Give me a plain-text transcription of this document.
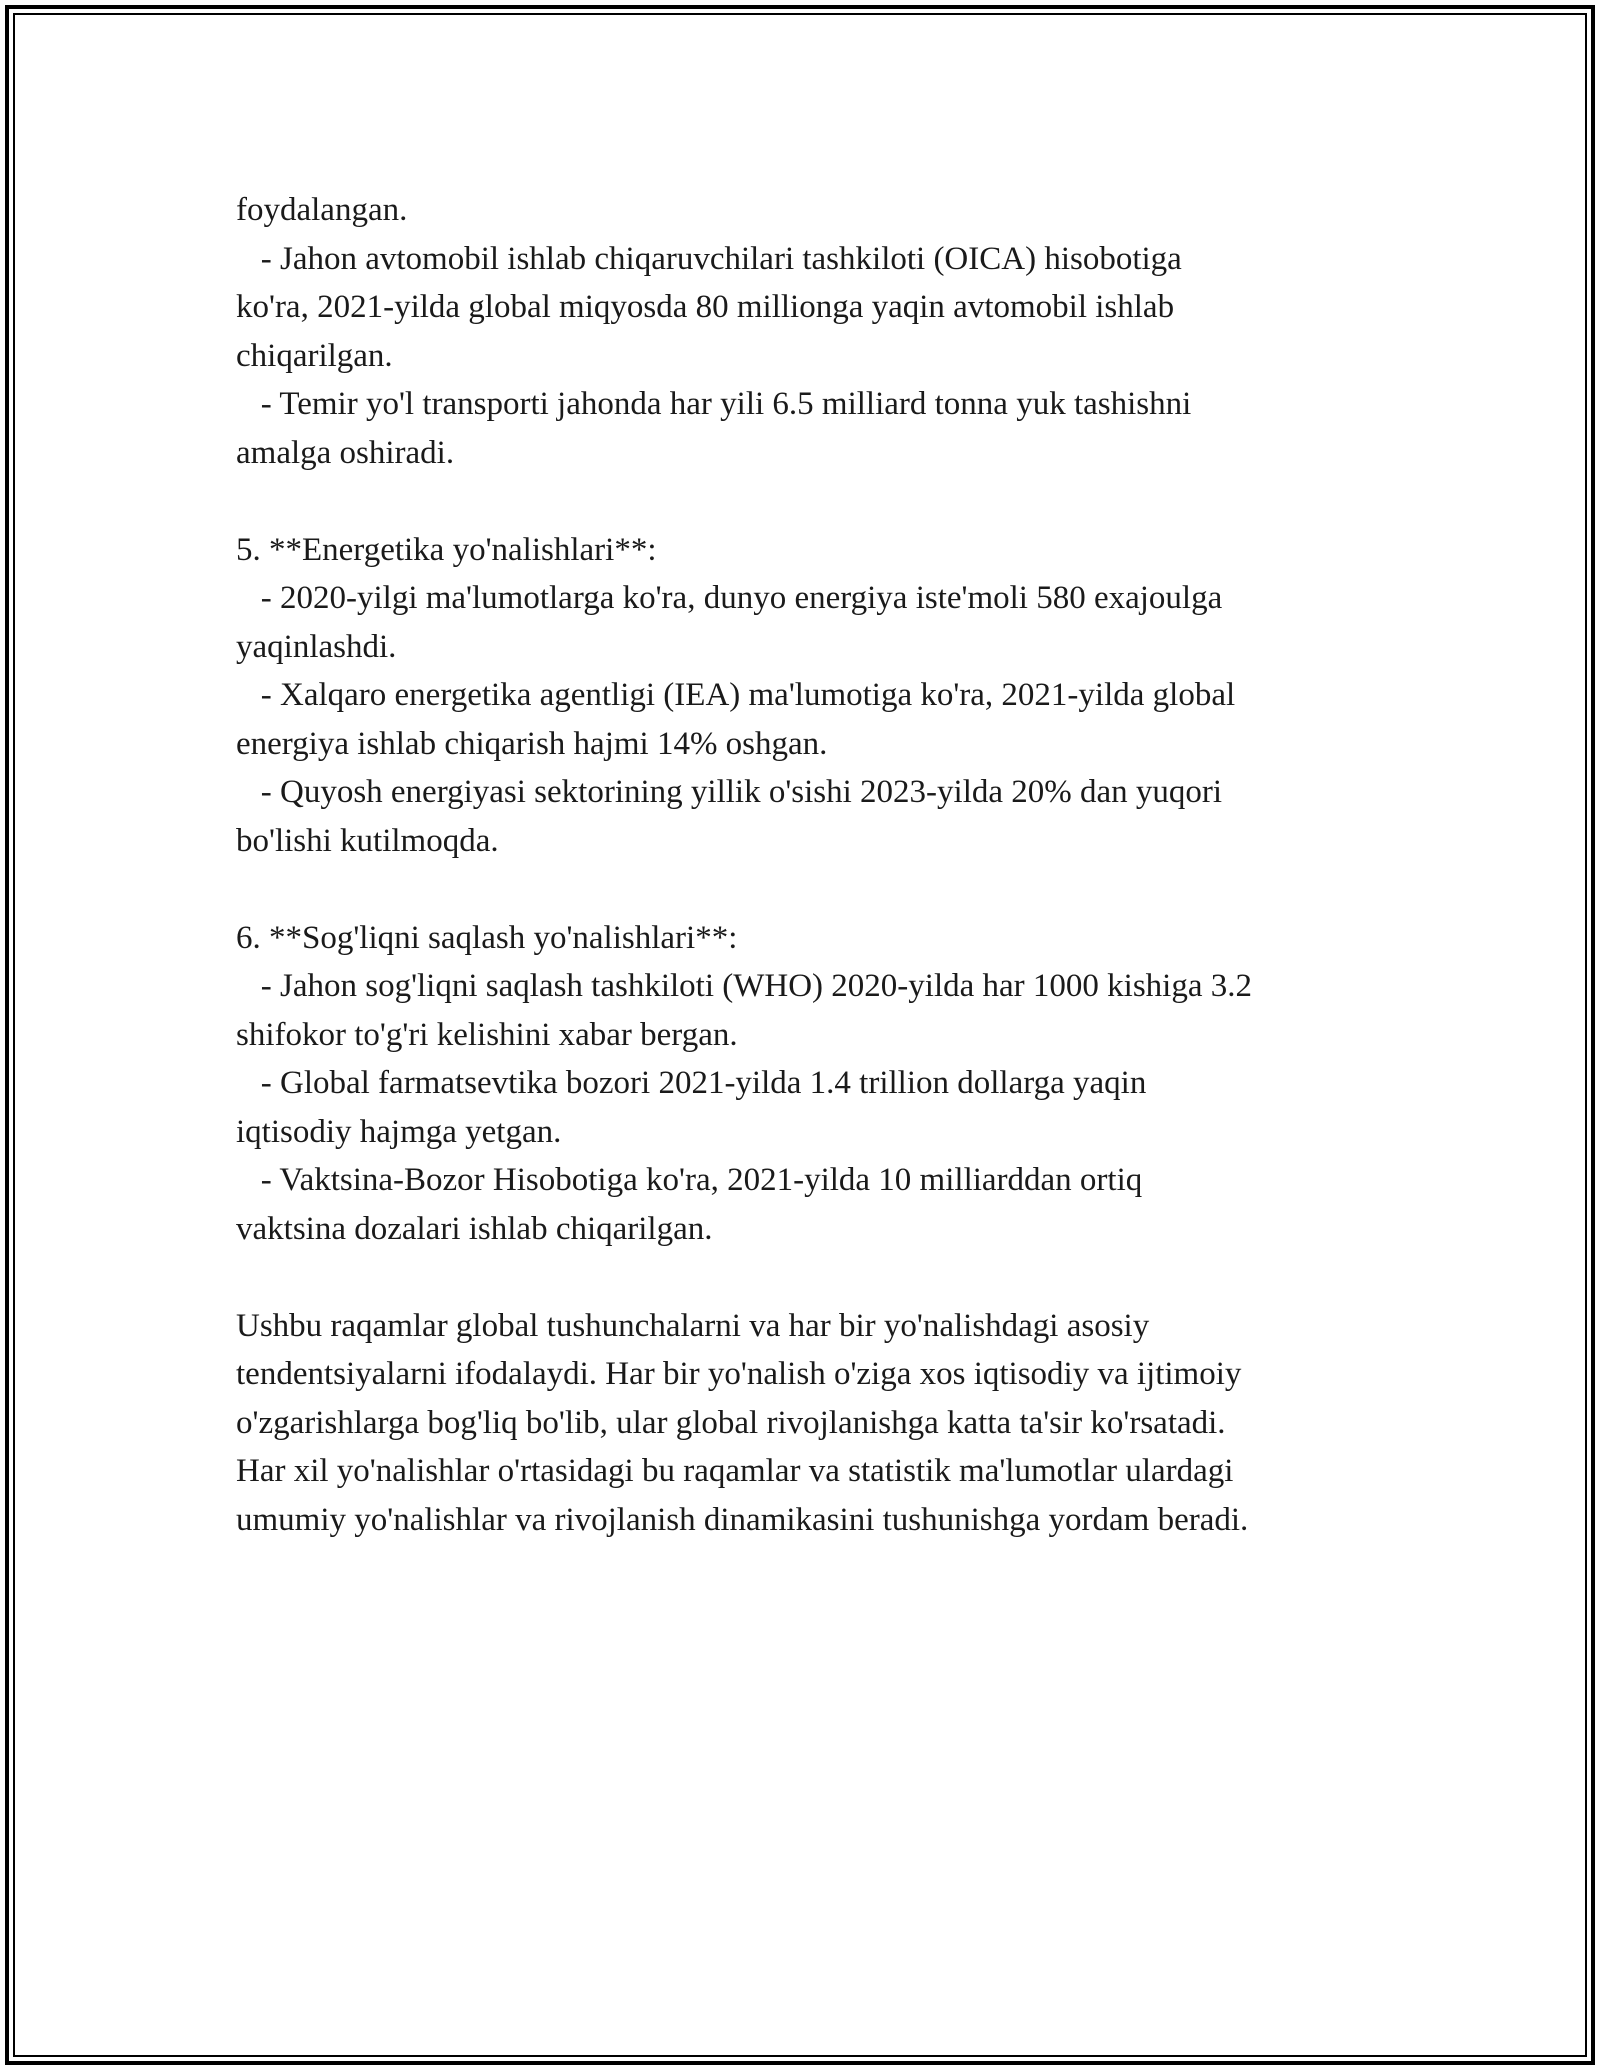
foydalangan.
- Jahon avtomobil ishlab chiqaruvchilari tashkiloti (OICA) hisobotiga
ko'ra, 2021-yilda global miqyosda 80 millionga yaqin avtomobil ishlab
chiqarilgan.
- Temir yo'l transporti jahonda har yili 6.5 milliard tonna yuk tashishni
amalga oshiradi.
5. **Energetika yo'nalishlari**:
- 2020-yilgi ma'lumotlarga ko'ra, dunyo energiya iste'moli 580 exajoulga
yaqinlashdi.
- Xalqaro energetika agentligi (IEA) ma'lumotiga ko'ra, 2021-yilda global
energiya ishlab chiqarish hajmi 14% oshgan.
- Quyosh energiyasi sektorining yillik o'sishi 2023-yilda 20% dan yuqori
bo'lishi kutilmoqda.
6. **Sog'liqni saqlash yo'nalishlari**:
- Jahon sog'liqni saqlash tashkiloti (WHO) 2020-yilda har 1000 kishiga 3.2
shifokor to'g'ri kelishini xabar bergan.
- Global farmatsevtika bozori 2021-yilda 1.4 trillion dollarga yaqin
iqtisodiy hajmga yetgan.
- Vaktsina-Bozor Hisobotiga ko'ra, 2021-yilda 10 milliarddan ortiq
vaktsina dozalari ishlab chiqarilgan.
Ushbu raqamlar global tushunchalarni va har bir yo'nalishdagi asosiy
tendentsiyalarni ifodalaydi. Har bir yo'nalish o'ziga xos iqtisodiy va ijtimoiy
o'zgarishlarga bog'liq bo'lib, ular global rivojlanishga katta ta'sir ko'rsatadi.
Har xil yo'nalishlar o'rtasidagi bu raqamlar va statistik ma'lumotlar ulardagi
umumiy yo'nalishlar va rivojlanish dinamikasini tushunishga yordam beradi.
